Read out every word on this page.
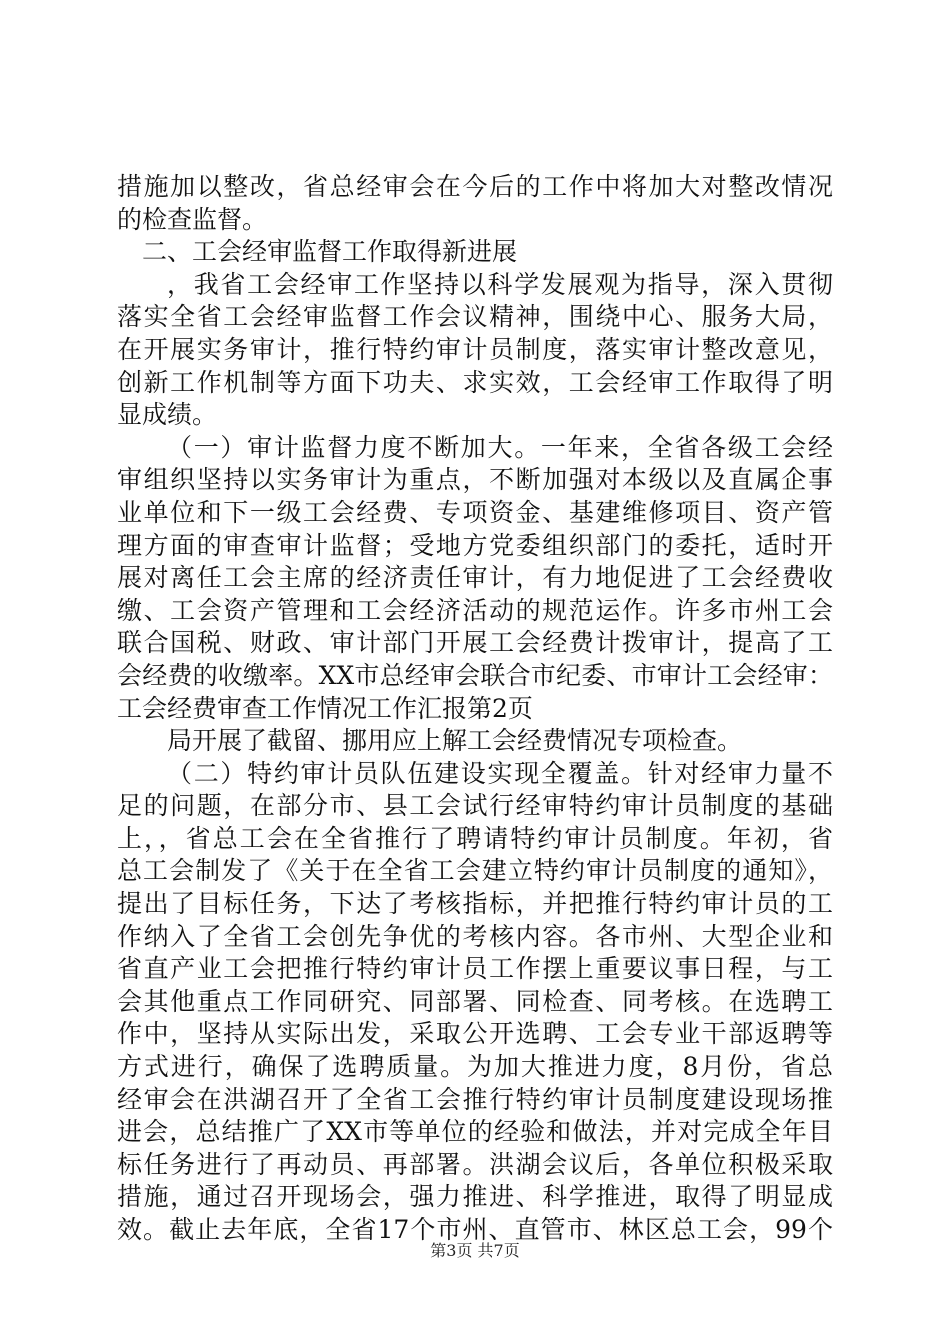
措施加以整改，省总经审会在今后的工作中将加大对整改情况
的检查监督。
二、工会经审监督工作取得新进展
，我省工会经审工作坚持以科学发展观为指导，深入贯彻
落实全省工会经审监督工作会议精神，围绕中心、服务大局，
在开展实务审计，推行特约审计员制度，落实审计整改意见，
创新工作机制等方面下功夫、求实效，工会经审工作取得了明
显成绩。
（一）审计监督力度不断加大。一年来，全省各级工会经
审组织坚持以实务审计为重点，不断加强对本级以及直属企事
业单位和下一级工会经费、专项资金、基建维修项目、资产管
理方面的审查审计监督；受地方党委组织部门的委托，适时开
展对离任工会主席的经济责任审计，有力地促进了工会经费收
缴、工会资产管理和工会经济活动的规范运作。许多市州工会
联合国税、财政、审计部门开展工会经费计拨审计，提高了工
会经费的收缴率。XX市总经审会联合市纪委、市审计工会经审：
工会经费审查工作情况工作汇报第2页
局开展了截留、挪用应上解工会经费情况专项检查。
（二）特约审计员队伍建设实现全覆盖。针对经审力量不
足的问题，在部分市、县工会试行经审特约审计员制度的基础
上，，省总工会在全省推行了聘请特约审计员制度。年初，省
总工会制发了《关于在全省工会建立特约审计员制度的通知》，
提出了目标任务，下达了考核指标，并把推行特约审计员的工
作纳入了全省工会创先争优的考核内容。各市州、大型企业和
省直产业工会把推行特约审计员工作摆上重要议事日程，与工
会其他重点工作同研究、同部署、同检查、同考核。在选聘工
作中，坚持从实际出发，采取公开选聘、工会专业干部返聘等
方式进行，确保了选聘质量。为加大推进力度，8月份，省总
经审会在洪湖召开了全省工会推行特约审计员制度建设现场推
进会，总结推广了XX市等单位的经验和做法，并对完成全年目
标任务进行了再动员、再部署。洪湖会议后，各单位积极采取
措施，通过召开现场会，强力推进、科学推进，取得了明显成
效。截止去年底，全省17个市州、直管市、林区总工会，99个
第3页 共7页
